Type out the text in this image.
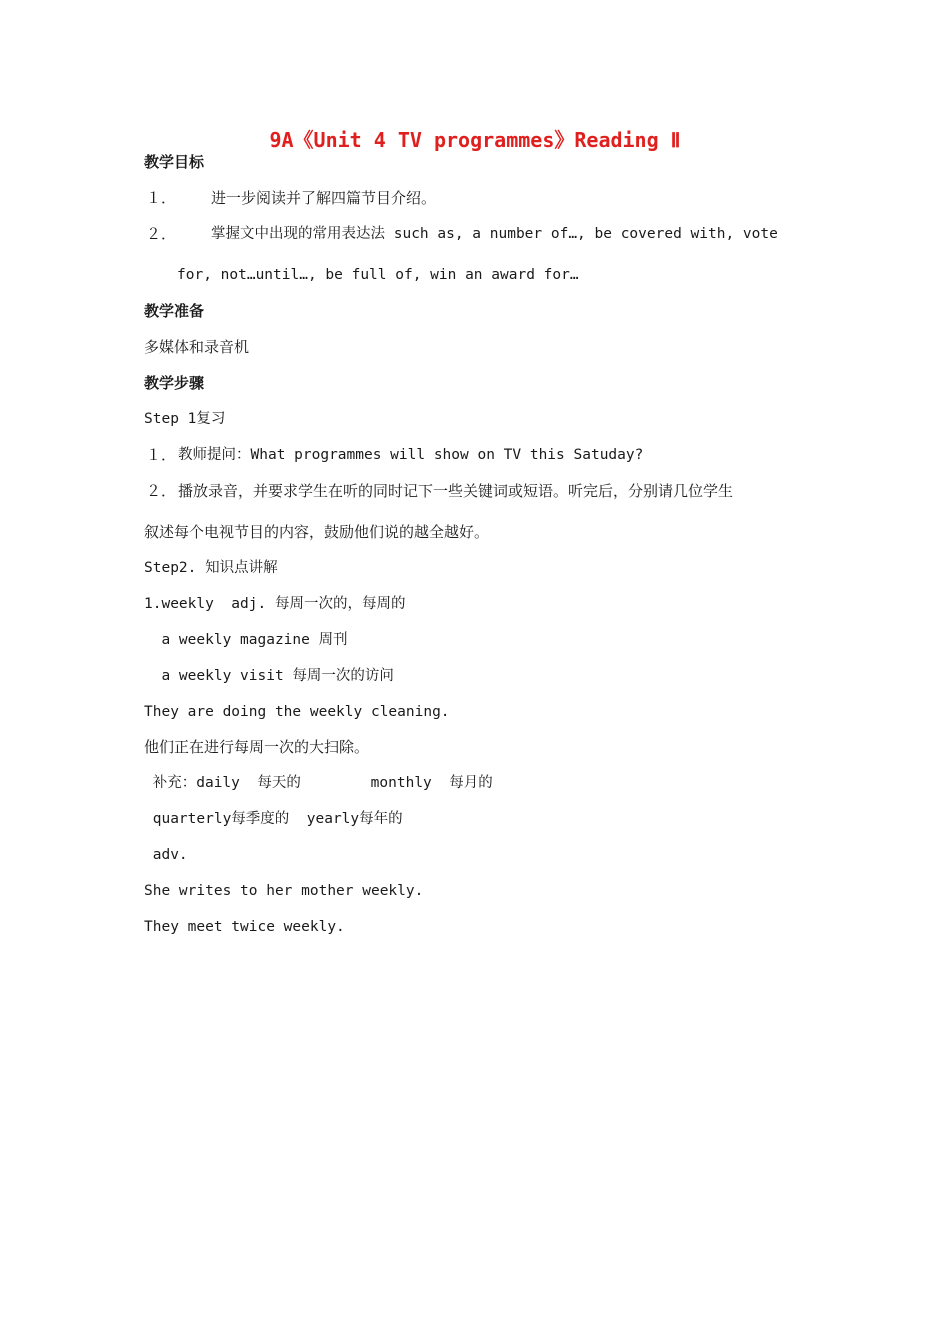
9A《Unit 4 TV programmes》Reading Ⅱ
教学目标
１． 进一步阅读并了解四篇节目介绍。
２． 掌握文中出现的常用表达法 such as, a number of…, be covered with, vote
for, not…until…, be full of, win an award for…
教学准备
多媒体和录音机
教学步骤
Step 1复习
１． 教师提问：What programmes will show on TV this Satuday?
２． 播放录音，并要求学生在听的同时记下一些关键词或短语。听完后，分别请几位学生
叙述每个电视节目的内容，鼓励他们说的越全越好。
Step2. 知识点讲解
1.weekly  adj. 每周一次的，每周的
a weekly magazine 周刊
a weekly visit 每周一次的访问
They are doing the weekly cleaning.
他们正在进行每周一次的大扫除。
补充：daily  每天的        monthly  每月的
quarterly每季度的  yearly每年的
adv.
She writes to her mother weekly.
They meet twice weekly.
